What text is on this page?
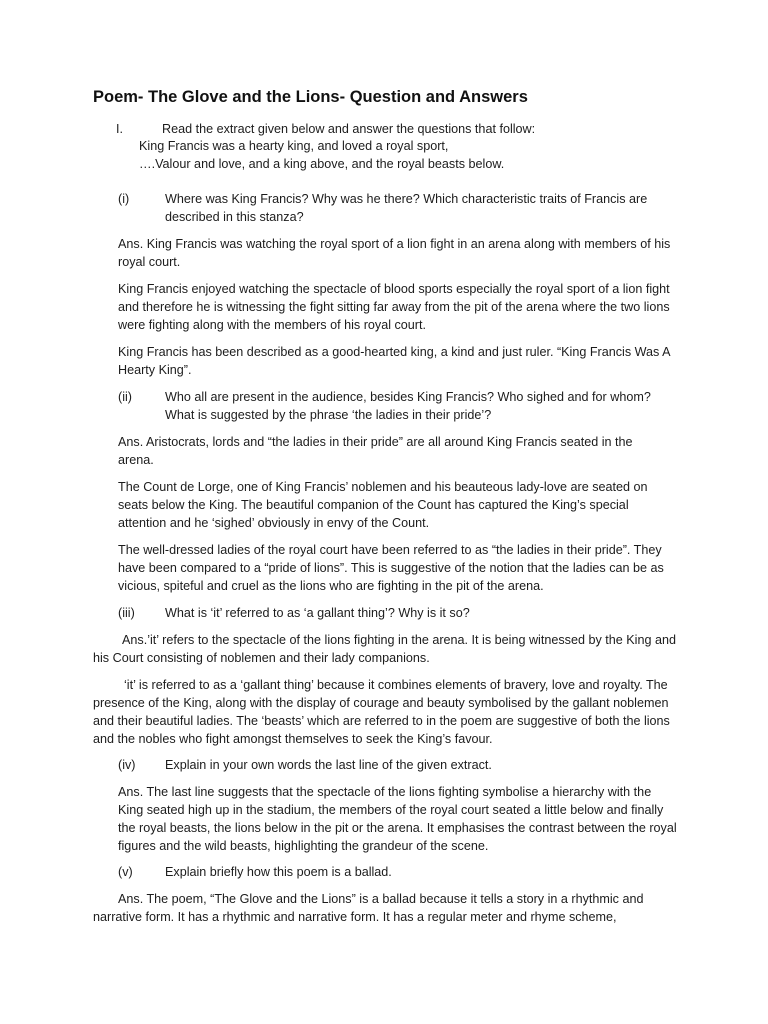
Poem- The Glove and the Lions- Question and Answers
I.	Read the extract given below and answer the questions that follow:
King Francis was a hearty king, and loved a royal sport,
….Valour and love, and a king above, and the royal beasts below.
(i)	Where was King Francis? Why was he there? Which characteristic traits of Francis are described in this stanza?
Ans. King Francis was watching the royal sport of a lion fight in an arena along with members of his royal court.
King Francis enjoyed watching the spectacle of blood sports especially the royal sport of a lion fight and therefore he is witnessing the fight sitting far away from the pit of the arena where the two lions were fighting along with the members of his royal court.
King Francis has been described as a good-hearted king, a kind and just ruler. “King Francis Was A Hearty King”.
(ii)	Who all are present in the audience, besides King Francis? Who sighed and for whom? What is suggested by the phrase ‘the ladies in their pride’?
Ans. Aristocrats, lords and “the ladies in their pride” are all around King Francis seated in the arena.
The Count de Lorge, one of King Francis’ noblemen and his beauteous lady-love are seated on seats below the King. The beautiful companion of the Count has captured the King’s special attention and he ‘sighed’ obviously in envy of the Count.
The well-dressed ladies of the royal court have been referred to as “the ladies in their pride”. They have been compared to a “pride of lions”. This is suggestive of the notion that the ladies can be as vicious, spiteful and cruel as the lions who are fighting in the pit of the arena.
(iii) What is ‘it’ referred to as ‘a gallant thing’? Why is it so?
Ans.’it’ refers to the spectacle of the lions fighting in the arena. It is being witnessed by the King and his Court consisting of noblemen and their lady companions.
‘it’ is referred to as a ‘gallant thing’ because it combines elements of bravery, love and royalty. The presence of the King, along with the display of courage and beauty symbolised by the gallant noblemen and their beautiful ladies. The ‘beasts’ which are referred to in the poem are suggestive of both the lions and the nobles who fight amongst themselves to seek the King’s favour.
(iv) Explain in your own words the last line of the given extract.
Ans. The last line suggests that the spectacle of the lions fighting symbolise a hierarchy with the King seated high up in the stadium, the members of the royal court seated a little below and finally the royal beasts, the lions below in the pit or the arena. It emphasises the contrast between the royal figures and the wild beasts, highlighting the grandeur of the scene.
(v)	Explain briefly how this poem is a ballad.
Ans. The poem, “The Glove and the Lions” is a ballad because it tells a story in a rhythmic and narrative form. It has a rhythmic and narrative form. It has a regular meter and rhyme scheme,
